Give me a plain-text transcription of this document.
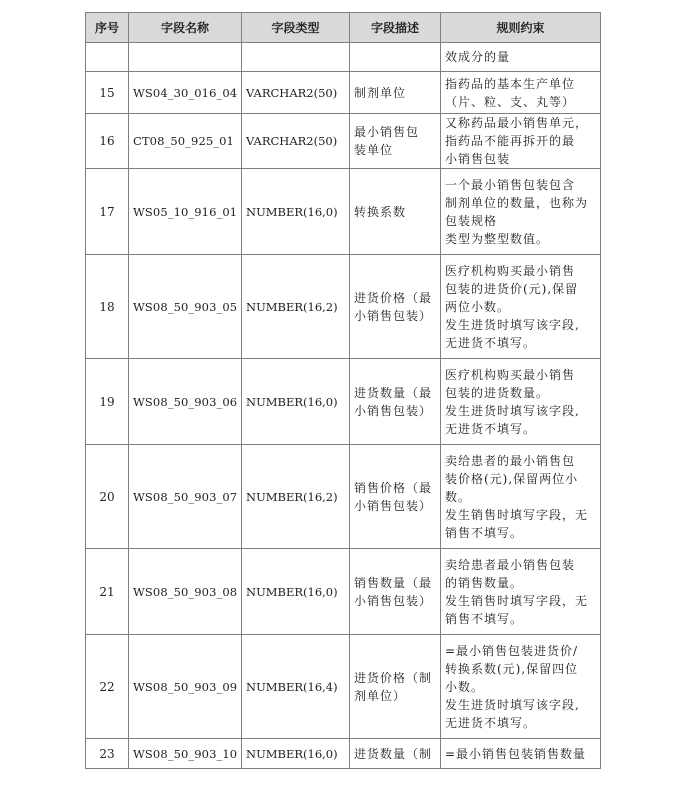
序号	字段名称	字段类型	字段描述	规则约束

				效成分的量

15	WS04_30_016_04	VARCHAR2(50)	制剂单位	指药品的基本生产单位
（片、粒、支、丸等）

16	CT08_50_925_01	VARCHAR2(50)	最小销售包
装单位	又称药品最小销售单元，
指药品不能再拆开的最
小销售包装

17	WS05_10_916_01	NUMBER(16,0)	转换系数	一个最小销售包装包含
制剂单位的数量，也称为
包装规格
类型为整型数值。

18	WS08_50_903_05	NUMBER(16,2)	进货价格（最
小销售包装）	医疗机构购买最小销售
包装的进货价(元),保留
两位小数。
发生进货时填写该字段,
无进货不填写。

19	WS08_50_903_06	NUMBER(16,0)	进货数量（最
小销售包装）	医疗机构购买最小销售
包装的进货数量。
发生进货时填写该字段,
无进货不填写。

20	WS08_50_903_07	NUMBER(16,2)	销售价格（最
小销售包装）	卖给患者的最小销售包
装价格(元),保留两位小
数。
发生销售时填写字段，无
销售不填写。

21	WS08_50_903_08	NUMBER(16,0)	销售数量（最
小销售包装）	卖给患者最小销售包装
的销售数量。
发生销售时填写字段，无
销售不填写。

22	WS08_50_903_09	NUMBER(16,4)	进货价格（制
剂单位）	=最小销售包装进货价/
转换系数(元),保留四位
小数。
发生进货时填写该字段,
无进货不填写。

23	WS08_50_903_10	NUMBER(16,0)	进货数量（制	=最小销售包装销售数量
